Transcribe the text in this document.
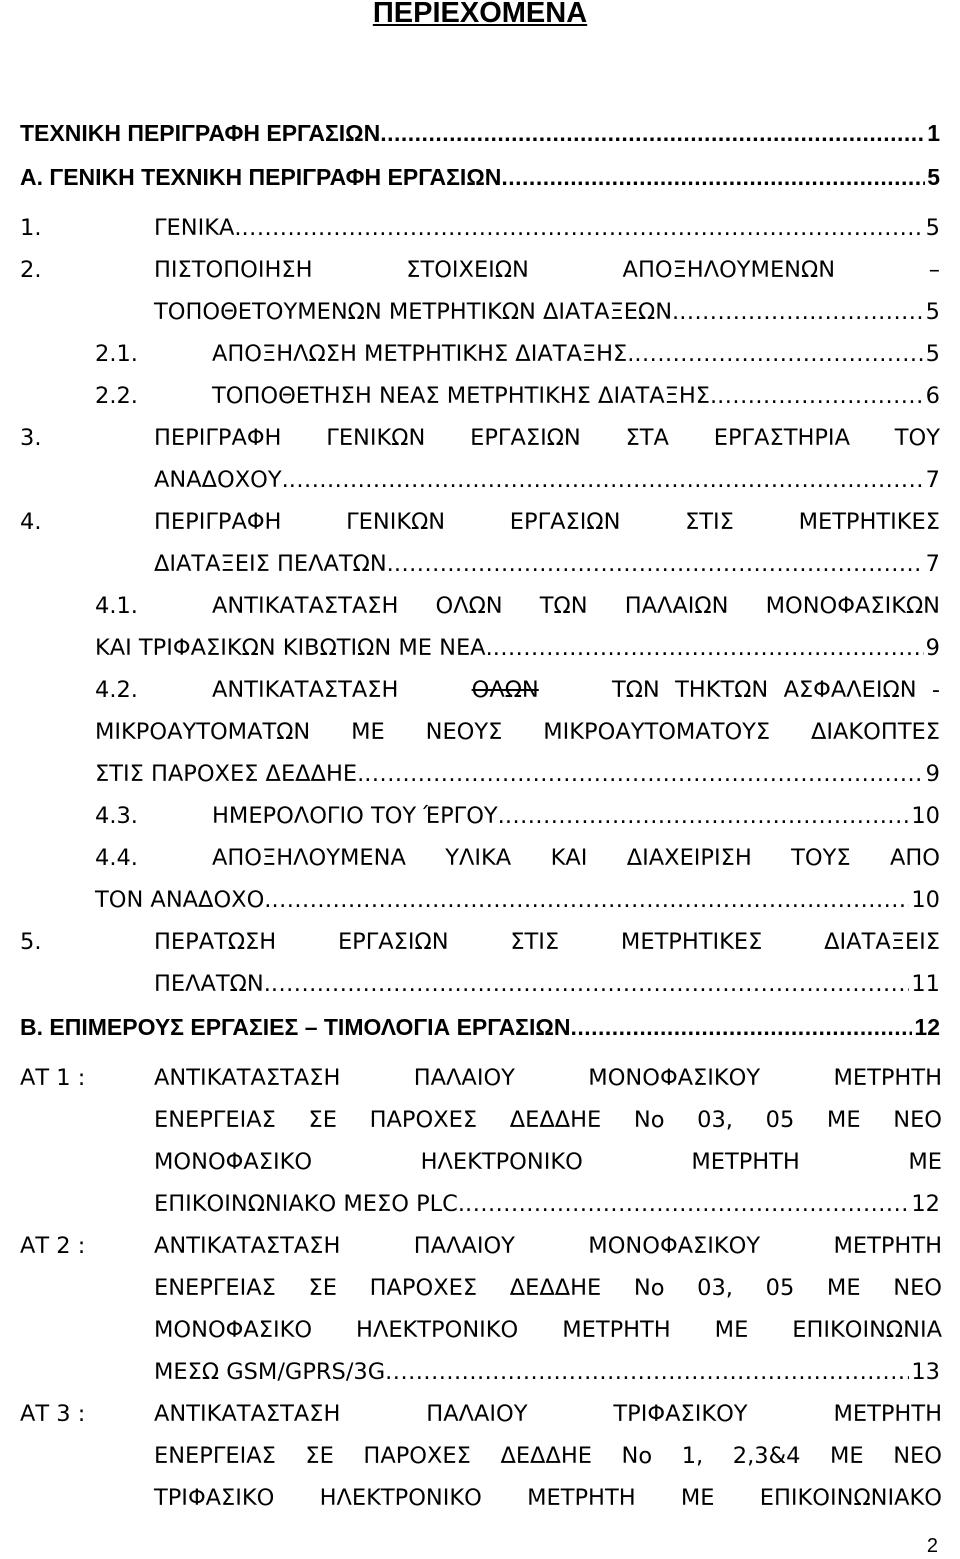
ΠΕΡΙΕΧΟΜΕΝΑ
ΤΕΧΝΙΚΗ ΠΕΡΙΓΡΑΦΗ ΕΡΓΑΣΙΩΝ .....	1
Α. ΓΕΝΙΚΗ ΤΕΧΝΙΚΗ ΠΕΡΙΓΡΑΦΗ ΕΡΓΑΣΙΩΝ .....	5
1.	ΓΕΝΙΚΑ. .....	5
2.	ΠΙΣΤΟΠΟΙΗΣΗ ΣΤΟΙΧΕΙΩΝ ΑΠΟΞΗΛΟΥΜΕΝΩΝ –
ΤΟΠΟΘΕΤΟΥΜΕΝΩΝ ΜΕΤΡΗΤΙΚΩΝ ΔΙΑΤΑΞΕΩΝ. .....	5
2.1.	ΑΠΟΞΗΛΩΣΗ ΜΕΤΡΗΤΙΚΗΣ ΔΙΑΤΑΞΗΣ. .....	5
2.2.	ΤΟΠΟΘΕΤΗΣΗ ΝΕΑΣ ΜΕΤΡΗΤΙΚΗΣ ΔΙΑΤΑΞΗΣ. .....	6
3.	ΠΕΡΙΓΡΑΦΗ ΓΕΝΙΚΩΝ ΕΡΓΑΣΙΩΝ ΣΤΑ ΕΡΓΑΣΤΗΡΙΑ ΤΟΥ
ΑΝΑΔΟΧΟΥ. .....	7
4.	ΠΕΡΙΓΡΑΦΗ ΓΕΝΙΚΩΝ ΕΡΓΑΣΙΩΝ ΣΤΙΣ ΜΕΤΡΗΤΙΚΕΣ
ΔΙΑΤΑΞΕΙΣ ΠΕΛΑΤΩΝ. .....	7
4.1.	ΑΝΤΙΚΑΤΑΣΤΑΣΗ ΟΛΩΝ ΤΩΝ ΠΑΛΑΙΩΝ ΜΟΝΟΦΑΣΙΚΩΝ
ΚΑΙ ΤΡΙΦΑΣΙΚΩΝ ΚΙΒΩΤΙΩΝ ΜΕ ΝΕΑ. .....	9
4.2.	ΑΝΤΙΚΑΤΑΣΤΑΣΗ	ΟΛΩΝ	ΤΩΝ ΤΗΚΤΩΝ ΑΣΦΑΛΕΙΩΝ -
ΜΙΚΡΟΑΥΤΟΜΑΤΩΝ ΜΕ ΝΕΟΥΣ ΜΙΚΡΟΑΥΤΟΜΑΤΟΥΣ ΔΙΑΚΟΠΤΕΣ
ΣΤΙΣ ΠΑΡΟΧΕΣ ΔΕΔΔΗΕ. .....	9
4.3.	ΗΜΕΡΟΛΟΓΙΟ ΤΟΥ ΈΡΓΟΥ. .....	10
4.4.	ΑΠΟΞΗΛΟΥΜΕΝΑ ΥΛΙΚΑ ΚΑΙ ΔΙΑΧΕΙΡΙΣΗ ΤΟΥΣ ΑΠΟ
ΤΟΝ ΑΝΑΔΟΧΟ. .....	10
5.	ΠΕΡΑΤΩΣΗ ΕΡΓΑΣΙΩΝ ΣΤΙΣ ΜΕΤΡΗΤΙΚΕΣ ΔΙΑΤΑΞΕΙΣ
ΠΕΛΑΤΩΝ. .....	11
Β. ΕΠΙΜΕΡΟΥΣ ΕΡΓΑΣΙΕΣ – ΤΙΜΟΛΟΓΙΑ ΕΡΓΑΣΙΩΝ .....	12
ΑΤ 1 :	ΑΝΤΙΚΑΤΑΣΤΑΣΗ ΠΑΛΑΙΟΥ ΜΟΝΟΦΑΣΙΚΟΥ ΜΕΤΡΗΤΗ
ΕΝΕΡΓΕΙΑΣ ΣΕ ΠΑΡΟΧΕΣ ΔΕΔΔΗΕ Νο 03, 05 ΜΕ ΝΕΟ
ΜΟΝΟΦΑΣΙΚΟ ΗΛΕΚΤΡΟΝΙΚΟ ΜΕΤΡΗΤΗ ΜΕ
ΕΠΙΚΟΙΝΩΝΙΑΚΟ ΜΕΣΟ PLC. .....	12
ΑΤ 2 :	ΑΝΤΙΚΑΤΑΣΤΑΣΗ ΠΑΛΑΙΟΥ ΜΟΝΟΦΑΣΙΚΟΥ ΜΕΤΡΗΤΗ
ΕΝΕΡΓΕΙΑΣ ΣΕ ΠΑΡΟΧΕΣ ΔΕΔΔΗΕ Νο 03, 05 ΜΕ ΝΕΟ
ΜΟΝΟΦΑΣΙΚΟ ΗΛΕΚΤΡΟΝΙΚΟ ΜΕΤΡΗΤΗ ΜΕ ΕΠΙΚΟΙΝΩΝΙΑ
ΜΕΣΩ GSM/GPRS/3G .....	13
ΑΤ 3 :	ΑΝΤΙΚΑΤΑΣΤΑΣΗ ΠΑΛΑΙΟΥ ΤΡΙΦΑΣΙΚΟΥ ΜΕΤΡΗΤΗ
ΕΝΕΡΓΕΙΑΣ ΣΕ ΠΑΡΟΧΕΣ ΔΕΔΔΗΕ Νο 1, 2,3&4 ΜΕ ΝΕΟ
ΤΡΙΦΑΣΙΚΟ ΗΛΕΚΤΡΟΝΙΚΟ ΜΕΤΡΗΤΗ ΜΕ ΕΠΙΚΟΙΝΩΝΙΑΚΟ
2
